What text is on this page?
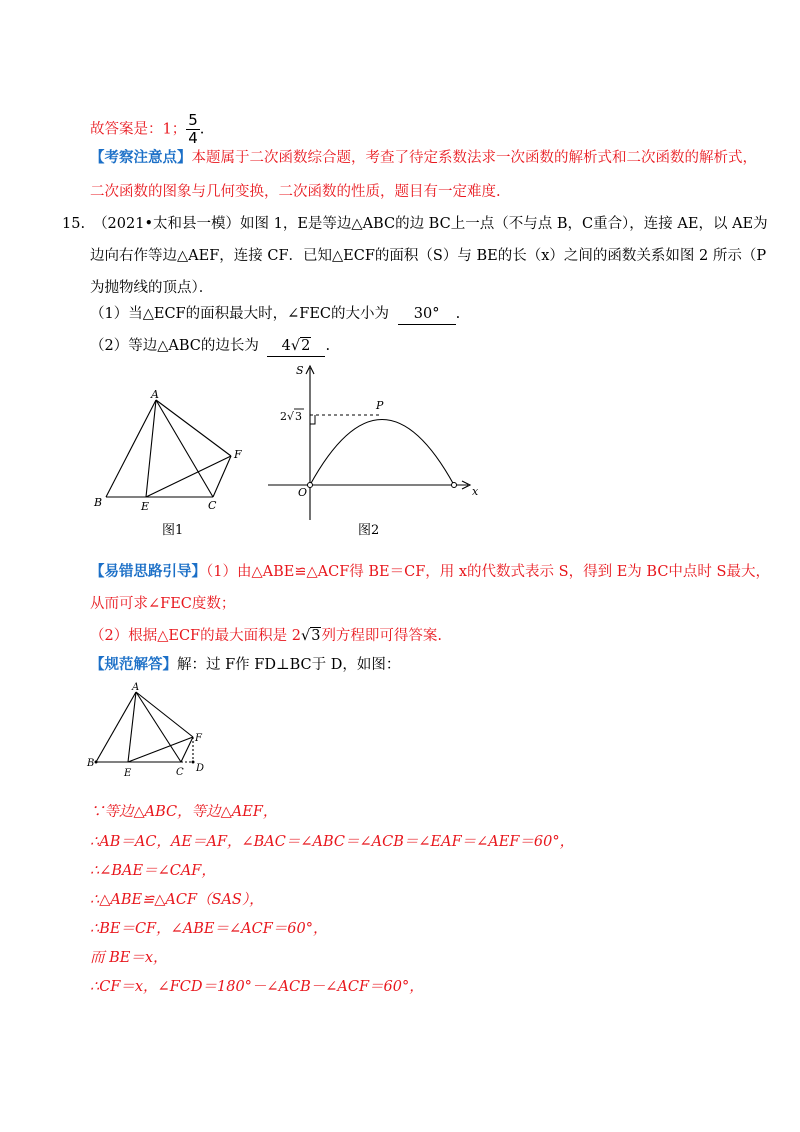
故答案是：1； $\frac{5}{4}$ .
【考察注意点】本题属于二次函数综合题，考查了待定系数法求一次函数的解析式和二次函数的解析式，
二次函数的图象与几何变换，二次函数的性质，题目有一定难度.
15. （2021•太和县一模）如图 1，E是等边△ABC的边 BC上一点（不与点 B，C重合），连接 AE，以 AE为
边向右作等边△AEF，连接 CF．已知△ECF的面积（S）与 BE的长（x）之间的函数关系如图 2 所示（P
为抛物线的顶点）．
（1）当△ECF的面积最大时，∠FEC的大小为 30° .
（2）等边△ABC的边长为 4√2 .
A
B	E	C
F
图1
S
x
O
P
2 √ 3
图2
【易错思路引导】（1）由△ABE≌△ACF得 BE＝CF，用 x的代数式表示 S，得到 E为 BC中点时 S最大，
从而可求∠FEC度数；
（2）根据△ECF的最大面积是 2√3列方程即可得答案.
【规范解答】解：过 F作 FD⊥BC于 D，如图：
A
B
E	C D
F
∵等边△ABC，等边△AEF，
∴AB＝AC，AE＝AF，∠BAC＝∠ABC＝∠ACB＝∠EAF＝∠AEF＝60°，
∴∠BAE＝∠CAF，
∴△ABE≌△ACF（SAS），
∴BE＝CF，∠ABE＝∠ACF＝60°，
而 BE＝x，
∴CF＝x，∠FCD＝180°－∠ACB－∠ACF＝60°，
